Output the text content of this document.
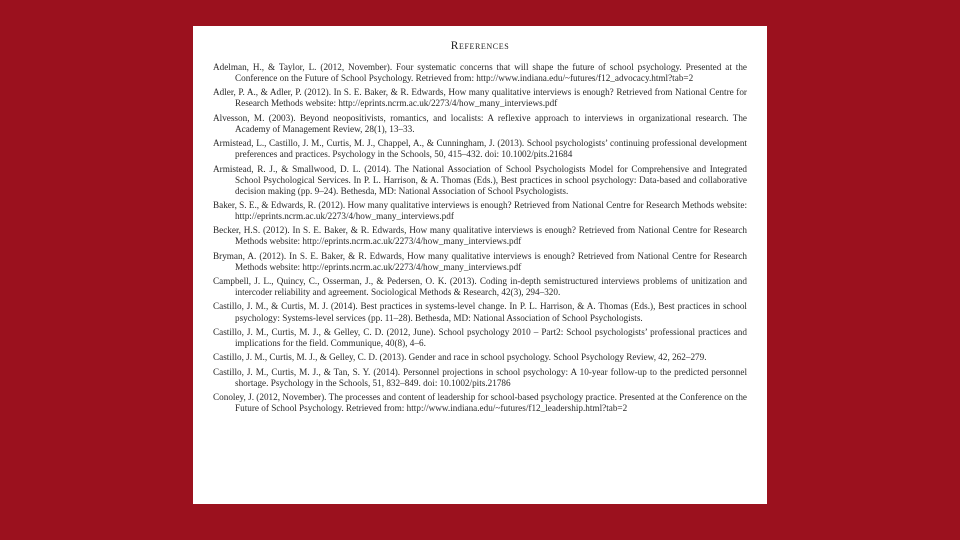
References
Adelman, H., & Taylor, L. (2012, November). Four systematic concerns that will shape the future of school psychology. Presented at the Conference on the Future of School Psychology. Retrieved from: http://www.indiana.edu/~futures/f12_advocacy.html?tab=2
Adler, P. A., & Adler, P. (2012). In S. E. Baker, & R. Edwards, How many qualitative interviews is enough? Retrieved from National Centre for Research Methods website: http://eprints.ncrm.ac.uk/2273/4/how_many_interviews.pdf
Alvesson, M. (2003). Beyond neopositivists, romantics, and localists: A reflexive approach to interviews in organizational research. The Academy of Management Review, 28(1), 13–33.
Armistead, L., Castillo, J. M., Curtis, M. J., Chappel, A., & Cunningham, J. (2013). School psychologists’ continuing professional development preferences and practices. Psychology in the Schools, 50, 415–432. doi: 10.1002/pits.21684
Armistead, R. J., & Smallwood, D. L. (2014). The National Association of School Psychologists Model for Comprehensive and Integrated School Psychological Services. In P. L. Harrison, & A. Thomas (Eds.), Best practices in school psychology: Data-based and collaborative decision making (pp. 9–24). Bethesda, MD: National Association of School Psychologists.
Baker, S. E., & Edwards, R. (2012). How many qualitative interviews is enough? Retrieved from National Centre for Research Methods website: http://eprints.ncrm.ac.uk/2273/4/how_many_interviews.pdf
Becker, H.S. (2012). In S. E. Baker, & R. Edwards, How many qualitative interviews is enough? Retrieved from National Centre for Research Methods website: http://eprints.ncrm.ac.uk/2273/4/how_many_interviews.pdf
Bryman, A. (2012). In S. E. Baker, & R. Edwards, How many qualitative interviews is enough? Retrieved from National Centre for Research Methods website: http://eprints.ncrm.ac.uk/2273/4/how_many_interviews.pdf
Campbell, J. L., Quincy, C., Osserman, J., & Pedersen, O. K. (2013). Coding in-depth semistructured interviews problems of unitization and intercoder reliability and agreement. Sociological Methods & Research, 42(3), 294–320.
Castillo, J. M., & Curtis, M. J. (2014). Best practices in systems-level change. In P. L. Harrison, & A. Thomas (Eds.), Best practices in school psychology: Systems-level services (pp. 11–28). Bethesda, MD: National Association of School Psychologists.
Castillo, J. M., Curtis, M. J., & Gelley, C. D. (2012, June). School psychology 2010 – Part2: School psychologists’ professional practices and implications for the field. Communique, 40(8), 4–6.
Castillo, J. M., Curtis, M. J., & Gelley, C. D. (2013). Gender and race in school psychology. School Psychology Review, 42, 262–279.
Castillo, J. M., Curtis, M. J., & Tan, S. Y. (2014). Personnel projections in school psychology: A 10-year follow-up to the predicted personnel shortage. Psychology in the Schools, 51, 832–849. doi: 10.1002/pits.21786
Conoley, J. (2012, November). The processes and content of leadership for school-based psychology practice. Presented at the Conference on the Future of School Psychology. Retrieved from: http://www.indiana.edu/~futures/f12_leadership.html?tab=2
